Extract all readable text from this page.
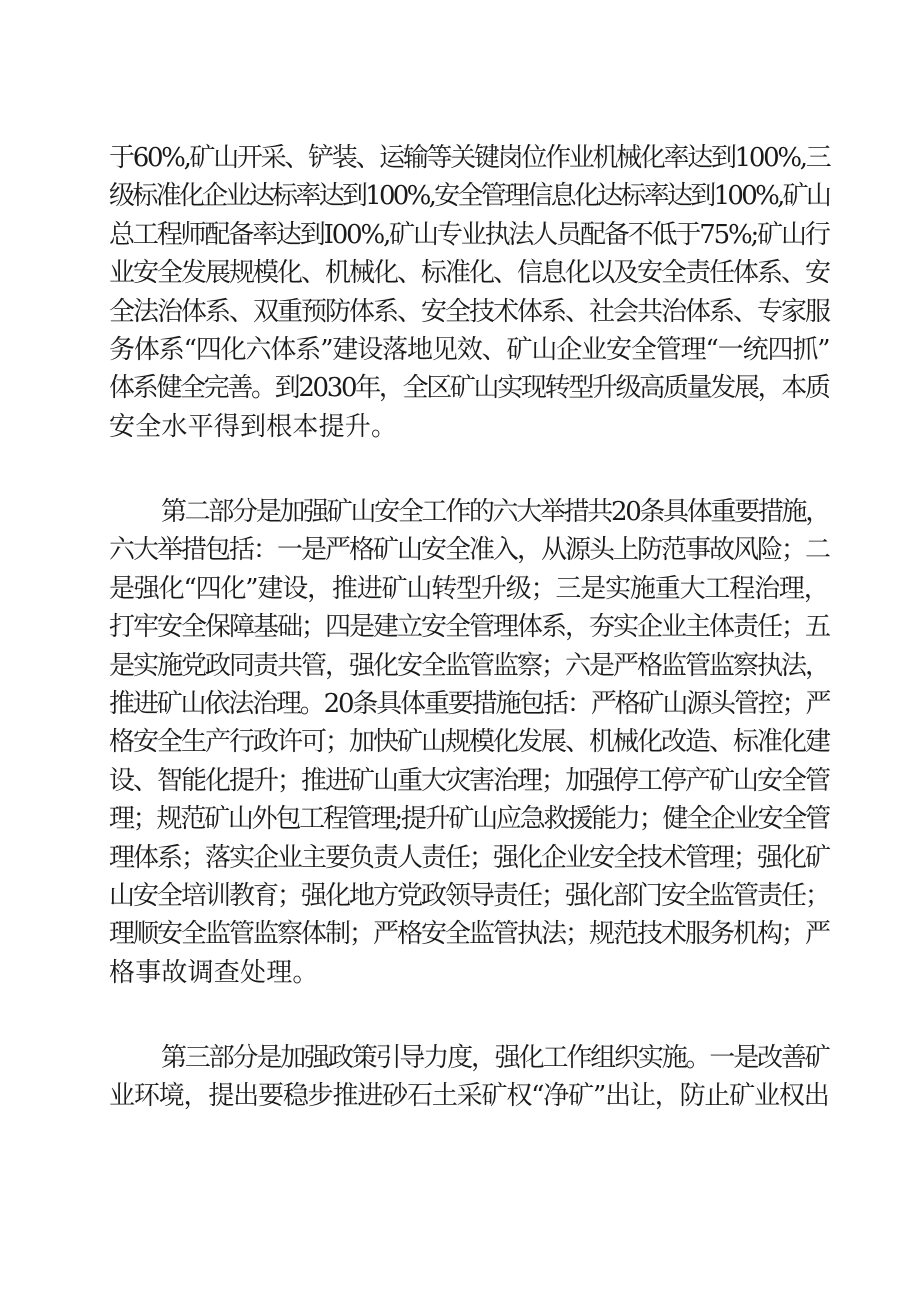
于60%,矿山开采、铲装、运输等关键岗位作业机械化率达到100%,三
级标准化企业达标率达到100%,安全管理信息化达标率达到100%,矿山
总工程师配备率达到I00%,矿山专业执法人员配备不低于75%;矿山行
业安全发展规模化、机械化、标准化、信息化以及安全责任体系、安
全法治体系、双重预防体系、安全技术体系、社会共治体系、专家服
务体系“四化六体系”建设落地见效、矿山企业安全管理“一统四抓”
体系健全完善。到2030年，全区矿山实现转型升级高质量发展，本质
安全水平得到根本提升。
第二部分是加强矿山安全工作的六大举措共20条具体重要措施，
六大举措包括：一是严格矿山安全准入，从源头上防范事故风险；二
是强化“四化”建设，推进矿山转型升级；三是实施重大工程治理，
打牢安全保障基础；四是建立安全管理体系，夯实企业主体责任；五
是实施党政同责共管，强化安全监管监察；六是严格监管监察执法，
推进矿山依法治理。20条具体重要措施包括：严格矿山源头管控；严
格安全生产行政许可；加快矿山规模化发展、机械化改造、标准化建
设、智能化提升；推进矿山重大灾害治理；加强停工停产矿山安全管
理；规范矿山外包工程管理;提升矿山应急救援能力；健全企业安全管
理体系；落实企业主要负责人责任；强化企业安全技术管理；强化矿
山安全培训教育；强化地方党政领导责任；强化部门安全监管责任；
理顺安全监管监察体制；严格安全监管执法；规范技术服务机构；严
格事故调查处理。
第三部分是加强政策引导力度，强化工作组织实施。一是改善矿
业环境，提出要稳步推进砂石土采矿权“净矿”出让，防止矿业权出
